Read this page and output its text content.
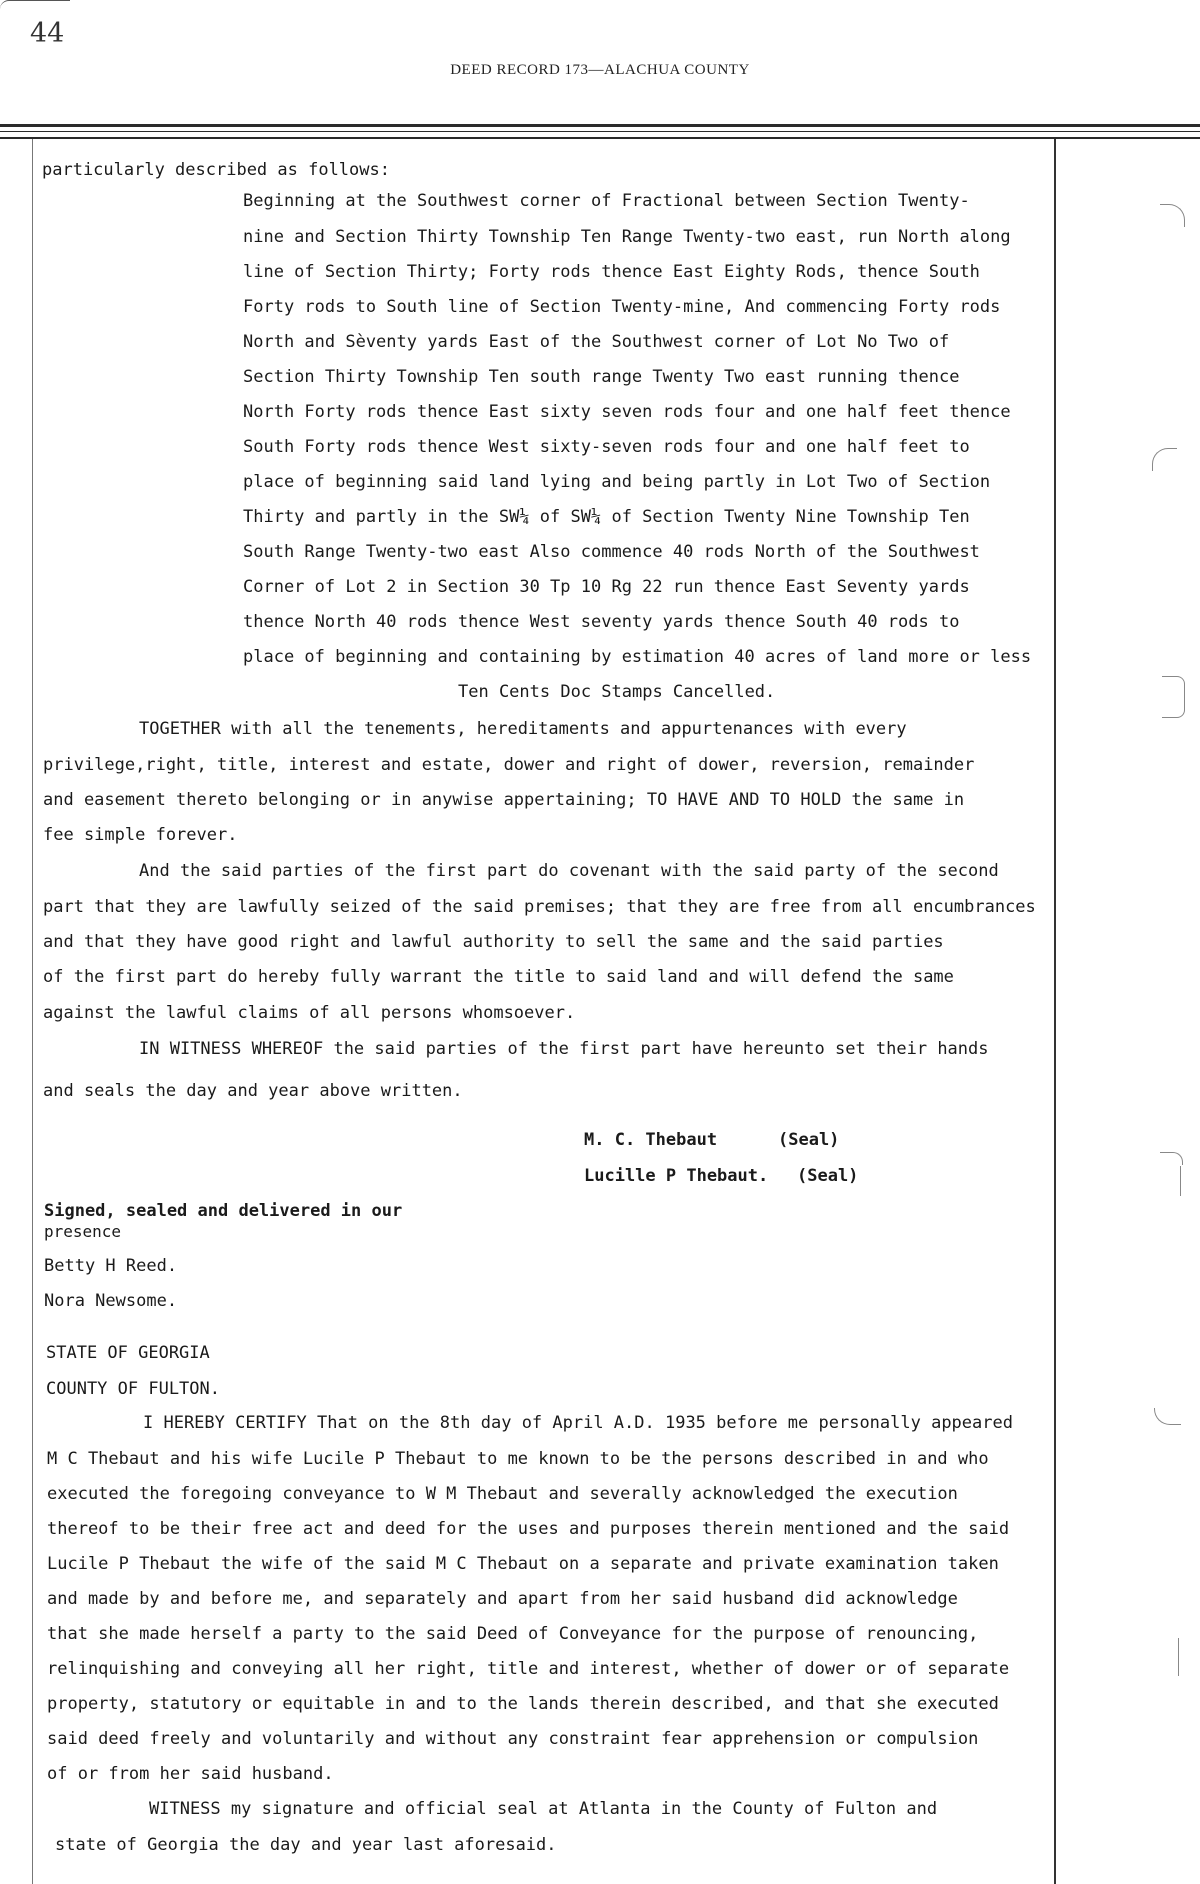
44
DEED RECORD 173—ALACHUA COUNTY
particularly described as follows:
Beginning at the Southwest corner of Fractional between Section Twenty-
nine and Section Thirty Township Ten Range Twenty-two east, run North along
line of Section Thirty; Forty rods thence East Eighty Rods, thence South
Forty rods to South line of Section Twenty-mine, And commencing Forty rods
North and Sèventy yards East of the Southwest corner of Lot No Two of
Section Thirty Township Ten south range Twenty Two east running thence
North Forty rods thence East sixty seven rods four and one half feet thence
South Forty rods thence West sixty-seven rods four and one half feet to
place of beginning said land lying and being partly in Lot Two of Section
Thirty and partly in the SW¼ of SW¼ of Section Twenty Nine Township Ten
South Range Twenty-two east Also commence 40 rods North of the Southwest
Corner of Lot 2 in Section 30 Tp 10 Rg 22 run thence East Seventy yards
thence North 40 rods thence West seventy yards thence South 40 rods to
place of beginning and containing by estimation 40 acres of land more or less
Ten Cents Doc Stamps Cancelled.
TOGETHER with all the tenements, hereditaments and appurtenances with every
privilege,right, title, interest and estate, dower and right of dower, reversion, remainder
and easement thereto belonging or in anywise appertaining; TO HAVE AND TO HOLD the same in
fee simple forever.
And the said parties of the first part do covenant with the said party of the second
part that they are lawfully seized of the said premises; that they are free from all encumbrances
and that they have good right and lawful authority to sell the same and the said parties
of the first part do hereby fully warrant the title to said land and will defend the same
against the lawful claims of all persons whomsoever.
IN WITNESS WHEREOF the said parties of the first part have hereunto set their hands
and seals the day and year above written.
M. C. Thebaut	(Seal)
Lucille P Thebaut. (Seal)
Signed, sealed and delivered in our
presence
Betty H Reed.
Nora Newsome.
STATE OF GEORGIA
COUNTY OF FULTON.
I HEREBY CERTIFY That on the 8th day of April A.D. 1935 before me personally appeared
M C Thebaut and his wife Lucile P Thebaut to me known to be the persons described in and who
executed the foregoing conveyance to W M Thebaut and severally acknowledged the execution
thereof to be their free act and deed for the uses and purposes therein mentioned and the said
Lucile P Thebaut the wife of the said M C Thebaut on a separate and private examination taken
and made by and before me, and separately and apart from her said husband did acknowledge
that she made herself a party to the said Deed of Conveyance for the purpose of renouncing,
relinquishing and conveying all her right, title and interest, whether of dower or of separate
property, statutory or equitable in and to the lands therein described, and that she executed
said deed freely and voluntarily and without any constraint fear apprehension or compulsion
of or from her said husband.
WITNESS my signature and official seal at Atlanta in the County of Fulton and
state of Georgia the day and year last aforesaid.
